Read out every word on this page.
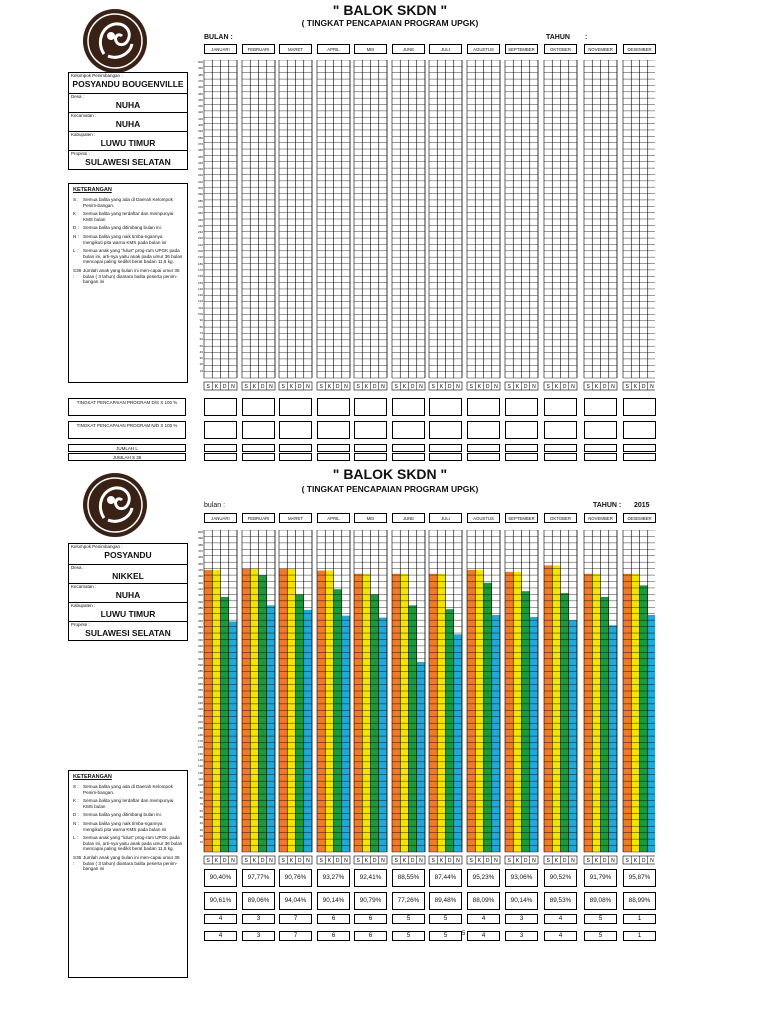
" BALOK SKDN "
( TINGKAT PENCAPAIAN PROGRAM UPGK)
BULAN :	TAHUN :
Kelompok Penimbangan :
POSYANDU BOUGENVILLE
Desa :
NUHA
Kecamatan :
NUHA
Kabupaten :
LUWU TIMUR
Propinsi :
SULAWESI SELATAN
KETERANGAN
S : Semua balita yang ada di Daerah Kelompok Penim-bangan.
K : Semua balita yang terdaftar dan mempunyai KMS bulan
D : Semua balita yang ditimbang bulan ini.
N : Semua balita yang naik timba-ngannya mengikuti pita warna KMS pada bulan ini
L :	Semua anak yang "lulus" prog-ram UPGK pada bulan ini, arti-nya yaitu anak pada umur 36 bulan mencapai paling sedikit berat badan 11,5 kg.
S36 :
Jumlah anak yang bulan ini men-capai umur 36 bulan ( 3 tahun) diantara balita peserta penim-bangan ini
JANUARI	FEBRUARI	MARET	APRIL	MEI	JUNE	JULI	AGUSTUS	SEPTEMBER	OKTOBER	NOVEMBER	DESEMBER
500
490
480
470
460
450
440
430
420
410
400
390
380
370
360
350
340
330
320
310
300
290
280
270
260
250
240
230
220
210
200
190
180
170
160
150
140
130
120
110
100
90
80
70
60
50
40
30
20
10
S K D N S K D N S K D N S K D N S K D N S K D N S K D N S K D N S K D N S K D N S K D N S K D N
TINGKAT PENCAPAIAN PROGRAM D/S X 100 %
TINGKAT PENCAPAIAN PROGRAM N/D X 100 %
JUMLAH L
JUMLAH S 36
" BALOK SKDN "
( TINGKAT PENCAPAIAN PROGRAM UPGK)
bulan :	TAHUN : 2015
Kelompok Penimbangan :
POSYANDU
Desa :
NIKKEL
Kecamatan :
NUHA
Kabupaten :
LUWU TIMUR
Propinsi :
SULAWESI SELATAN
KETERANGAN
S : Semua balita yang ada di Daerah Kelompok Penim-bangan.
K : Semua balita yang terdaftar dan mempunyai KMS bulan
D : Semua balita yang ditimbang bulan ini.
N : Semua balita yang naik timba-ngannya mengikuti pita warna KMS pada bulan ini
L :	Semua anak yang "lulus" prog-ram UPGK pada bulan ini, arti-nya yaitu anak pada umur 36 bulan mencapai paling sedikit berat badan 11,5 kg.
S36 :
Jumlah anak yang bulan ini men-capai umur 36 bulan ( 3 tahun) diantara balita peserta penim-bangan ini
JANUARI	FEBRUARI	MARET	APRIL	MEI	JUNE	JULI	AGUSTUS	SEPTEMBER	OKTOBER	NOVEMBER	DESEMBER
500
490
480
470
460
450
440
430
420
410
400
390
380
370
360
350
340
330
320
310
300
290
280
270
260
250
240
230
220
210
200
190
180
170
160
150
140
130
120
110
100
90
80
70
60
50
40
30
20
10
S K D N S K D N S K D N S K D N S K D N S K D N S K D N S K D N S K D N S K D N S K D N S K D N
90,40%	97,77%	90,76%	93,27%	92,41%	88,55%	87,44%	95,23%	93,06%	90,52%	91,79%	95,87%
90,61%	89,06%	94,04%	90,14%	90,79%	77,26%	89,48%	88,09%	90,14%	89,53%	89,08%	88,99%
4	3	7	6	6	5	5	4	3	4	5	1
4	3	7	6	6	5	5	4	3	4	5	1
5
